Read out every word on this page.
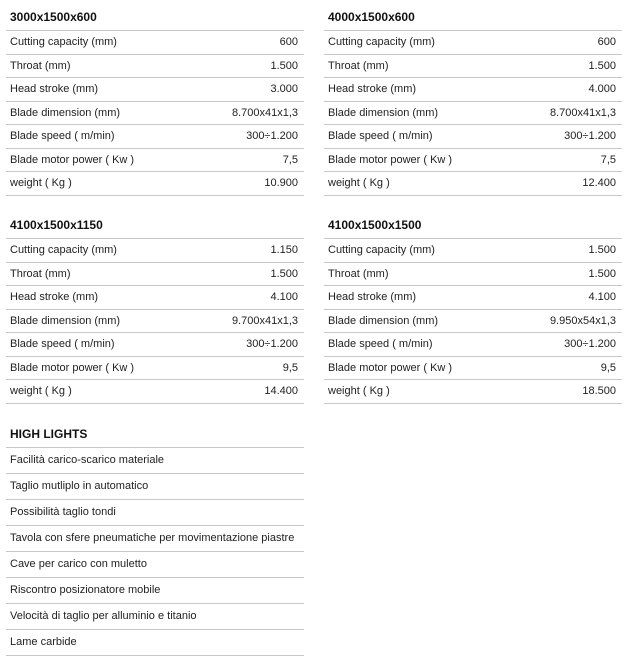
3000x1500x600
Cutting capacity (mm)	600
Throat (mm)	1.500
Head stroke (mm)	3.000
Blade dimension (mm)	8.700x41x1,3
Blade speed ( m/min)	300÷1.200
Blade motor power ( Kw )	7,5
weight ( Kg )	10.900
4000x1500x600
Cutting capacity (mm)	600
Throat (mm)	1.500
Head stroke (mm)	4.000
Blade dimension (mm)	8.700x41x1,3
Blade speed ( m/min)	300÷1.200
Blade motor power ( Kw )	7,5
weight ( Kg )	12.400
4100x1500x1150
Cutting capacity (mm)	1.150
Throat (mm)	1.500
Head stroke (mm)	4.100
Blade dimension (mm)	9.700x41x1,3
Blade speed ( m/min)	300÷1.200
Blade motor power ( Kw )	9,5
weight ( Kg )	14.400
4100x1500x1500
Cutting capacity (mm)	1.500
Throat (mm)	1.500
Head stroke (mm)	4.100
Blade dimension (mm)	9.950x54x1,3
Blade speed ( m/min)	300÷1.200
Blade motor power ( Kw )	9,5
weight ( Kg )	18.500
HIGH LIGHTS
Facilità carico-scarico materiale
Taglio mutliplo in automatico
Possibilità taglio tondi
Tavola con sfere pneumatiche per movimentazione piastre
Cave per carico con muletto
Riscontro posizionatore mobile
Velocità di taglio per alluminio e titanio
Lame carbide
